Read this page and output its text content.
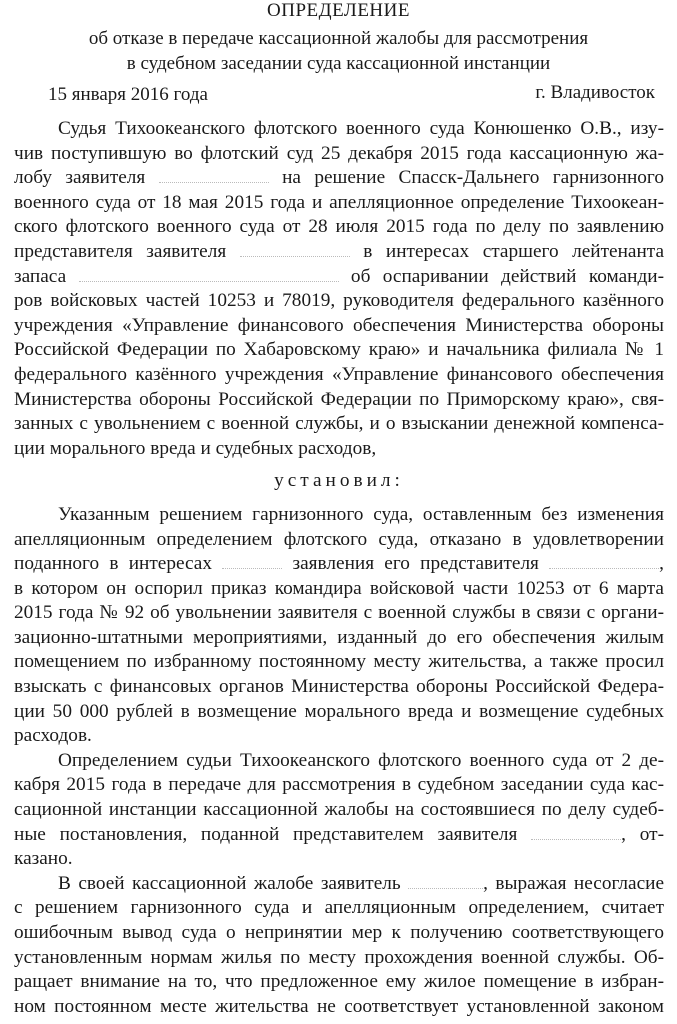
ОПРЕДЕЛЕНИЕ
об отказе в передаче кассационной жалобы для рассмотрения
в судебном заседании суда кассационной инстанции
15 января 2016 года	г. Владивосток
Судья Тихоокеанского флотского военного суда Конюшенко О.В., изу-
чив поступившую во флотский суд 25 декабря 2015 года кассационную жа-
лобу заявителя	на решение Спасск-Дальнего гарнизонного
военного суда от 18 мая 2015 года и апелляционное определение Тихоокеан-
ского флотского военного суда от 28 июля 2015 года по делу по заявлению
представителя заявителя	в интересах старшего лейтенанта
запаса	об оспаривании действий команди-
ров войсковых частей 10253 и 78019, руководителя федерального казённого
учреждения «Управление финансового обеспечения Министерства обороны
Российской Федерации по Хабаровскому краю» и начальника филиала № 1
федерального казённого учреждения «Управление финансового обеспечения
Министерства обороны Российской Федерации по Приморскому краю», свя-
занных с увольнением с военной службы, и о взыскании денежной компенса-
ции морального вреда и судебных расходов,
установил:
Указанным решением гарнизонного суда, оставленным без изменения
апелляционным определением флотского суда, отказано в удовлетворении
поданного в интересах	заявления его представителя	,
в котором он оспорил приказ командира войсковой части 10253 от 6 марта
2015 года № 92 об увольнении заявителя с военной службы в связи с органи-
зационно-штатными мероприятиями, изданный до его обеспечения жилым
помещением по избранному постоянному месту жительства, а также просил
взыскать с финансовых органов Министерства обороны Российской Федера-
ции 50 000 рублей в возмещение морального вреда и возмещение судебных
расходов.
Определением судьи Тихоокеанского флотского военного суда от 2 де-
кабря 2015 года в передаче для рассмотрения в судебном заседании суда кас-
сационной инстанции кассационной жалобы на состоявшиеся по делу судеб-
ные постановления, поданной представителем заявителя	, от-
казано.
В своей кассационной жалобе заявитель	, выражая несогласие
с решением гарнизонного суда и апелляционным определением, считает
ошибочным вывод суда о непринятии мер к получению соответствующего
установленным нормам жилья по месту прохождения военной службы. Об-
ращает внимание на то, что предложенное ему жилое помещение в избран-
ном постоянном месте жительства не соответствует установленной законом
